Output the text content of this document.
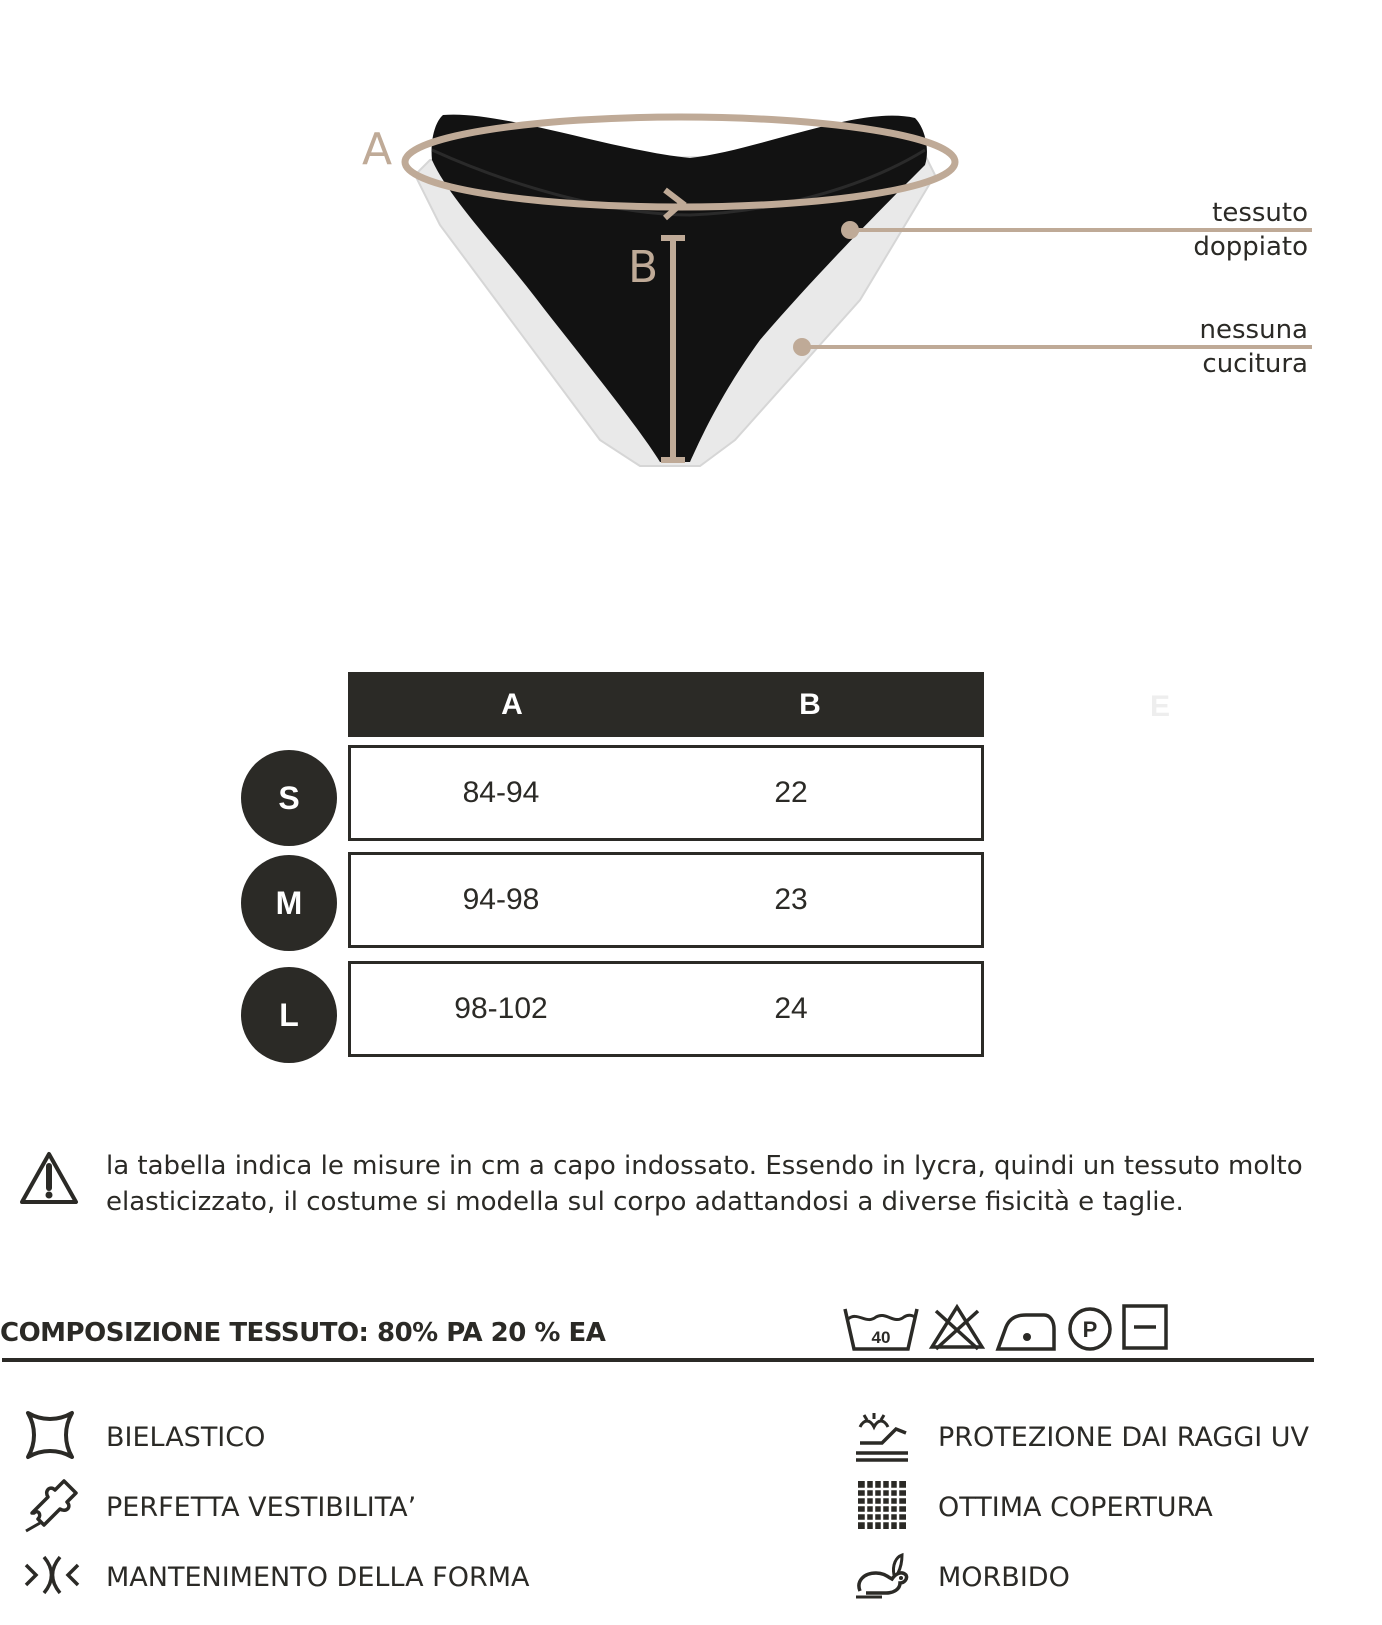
A
B
tessuto
doppiato
nessuna
cucitura
A	B	E
S	84-94	22
M	94-98	23
L	98-102	24
la tabella indica le misure in cm a capo indossato. Essendo in lycra, quindi un tessuto molto elasticizzato, il costume si modella sul corpo adattandosi a diverse fisicità e taglie.
COMPOSIZIONE TESSUTO: 80% PA 20 % EA	40	P
BIELASTICO
PERFETTA VESTIBILITA’
MANTENIMENTO DELLA FORMA
PROTEZIONE DAI RAGGI UV
OTTIMA COPERTURA
MORBIDO
